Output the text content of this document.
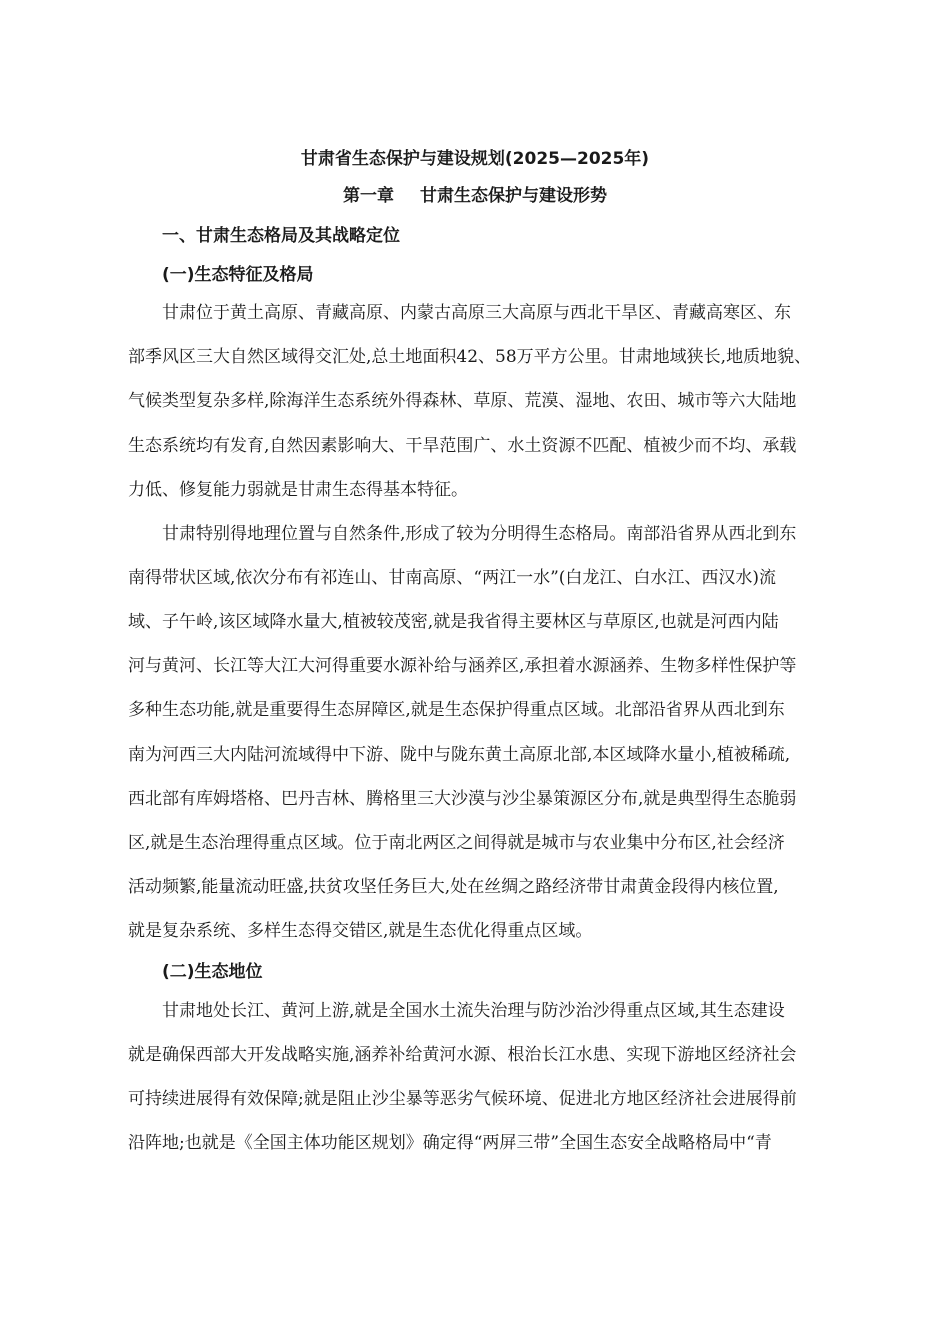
甘肃省生态保护与建设规划(2025—2025年)
第一章 甘肃生态保护与建设形势
一、甘肃生态格局及其战略定位
(一)生态特征及格局
甘肃位于黄土高原、青藏高原、内蒙古高原三大高原与西北干旱区、青藏高寒区、东
部季风区三大自然区域得交汇处,总土地面积42、58万平方公里。甘肃地域狭长,地质地貌、
气候类型复杂多样,除海洋生态系统外得森林、草原、荒漠、湿地、农田、城市等六大陆地
生态系统均有发育,自然因素影响大、干旱范围广、水土资源不匹配、植被少而不均、承载
力低、修复能力弱就是甘肃生态得基本特征。
甘肃特别得地理位置与自然条件,形成了较为分明得生态格局。南部沿省界从西北到东
南得带状区域,依次分布有祁连山、甘南高原、“两江一水”(白龙江、白水江、西汉水)流
域、子午岭,该区域降水量大,植被较茂密,就是我省得主要林区与草原区,也就是河西内陆
河与黄河、长江等大江大河得重要水源补给与涵养区,承担着水源涵养、生物多样性保护等
多种生态功能,就是重要得生态屏障区,就是生态保护得重点区域。北部沿省界从西北到东
南为河西三大内陆河流域得中下游、陇中与陇东黄土高原北部,本区域降水量小,植被稀疏,
西北部有库姆塔格、巴丹吉林、腾格里三大沙漠与沙尘暴策源区分布,就是典型得生态脆弱
区,就是生态治理得重点区域。位于南北两区之间得就是城市与农业集中分布区,社会经济
活动频繁,能量流动旺盛,扶贫攻坚任务巨大,处在丝绸之路经济带甘肃黄金段得内核位置,
就是复杂系统、多样生态得交错区,就是生态优化得重点区域。
(二)生态地位
甘肃地处长江、黄河上游,就是全国水土流失治理与防沙治沙得重点区域,其生态建设
就是确保西部大开发战略实施,涵养补给黄河水源、根治长江水患、实现下游地区经济社会
可持续进展得有效保障;就是阻止沙尘暴等恶劣气候环境、促进北方地区经济社会进展得前
沿阵地;也就是《全国主体功能区规划》确定得“两屏三带”全国生态安全战略格局中“青
